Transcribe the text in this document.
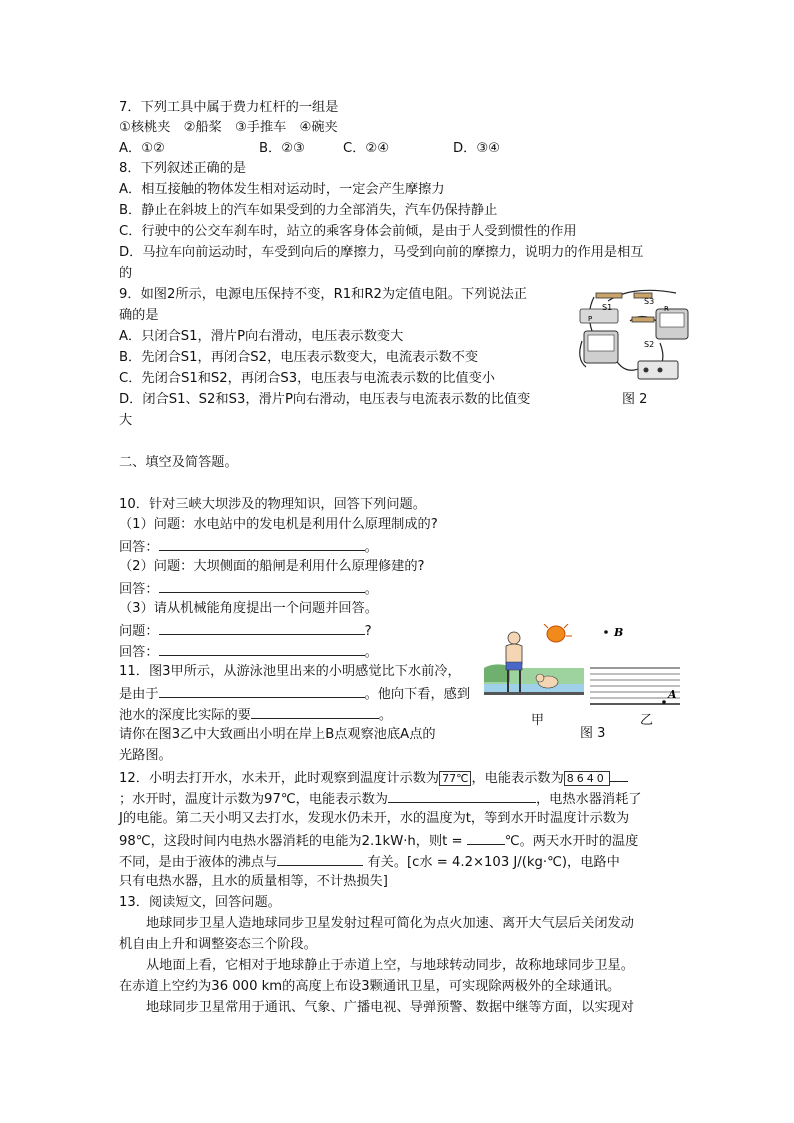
7．下列工具中属于费力杠杆的一组是
①核桃夹　②船桨　③手推车　④碗夹
A．①②	B．②③	C．②④	D．③④
8．下列叙述正确的是
A．相互接触的物体发生相对运动时，一定会产生摩擦力
B．静止在斜坡上的汽车如果受到的力全部消失，汽车仍保持静止
C．行驶中的公交车刹车时，站立的乘客身体会前倾，是由于人受到惯性的作用
D．马拉车向前运动时，车受到向后的摩擦力，马受到向前的摩擦力，说明力的作用是相互
的
9．如图2所示，电源电压保持不变，R1和R2为定值电阻。下列说法正
确的是
A．只闭合S1，滑片P向右滑动，电压表示数变大
B．先闭合S1，再闭合S2，电压表示数变大，电流表示数不变
C．先闭合S1和S2，再闭合S3，电压表与电流表示数的比值变小
D．闭合S1、S2和S3，滑片P向右滑动，电压表与电流表示数的比值变
大
S1
S3
S2
P
R
图 2
二、填空及简答题。
10．针对三峡大坝涉及的物理知识，回答下列问题。
（1）问题：水电站中的发电机是利用什么原理制成的?
回答：	。
（2）问题：大坝侧面的船闸是利用什么原理修建的?
回答：	。
（3）请从机械能角度提出一个问题并回答。
问题：	?
回答：	。
11．图3甲所示，从游泳池里出来的小明感觉比下水前冷，
是由于	。他向下看，感到
池水的深度比实际的要	。
请你在图3乙中大致画出小明在岸上B点观察池底A点的
光路图。
甲
B
A
图 3
乙
12．小明去打开水，水未开，此时观察到温度计示数为 77℃ ，电能表示数为 8640
；水开时，温度计示数为97℃，电能表示数为	，电热水器消耗了
J的电能。第二天小明又去打水，发现水仍未开，水的温度为t，等到水开时温度计示数为
98℃，这段时间内电热水器消耗的电能为2.1kW·h，则t =	℃。两天水开时的温度
不同，是由于液体的沸点与	有关。[c水 = 4.2×103 J/(kg·℃)，电路中
只有电热水器，且水的质量相等，不计热损失]
13．阅读短文，回答问题。
地球同步卫星人造地球同步卫星发射过程可简化为点火加速、离开大气层后关闭发动
机自由上升和调整姿态三个阶段。
从地面上看，它相对于地球静止于赤道上空，与地球转动同步，故称地球同步卫星。
在赤道上空约为36 000 km的高度上布设3颗通讯卫星，可实现除两极外的全球通讯。
地球同步卫星常用于通讯、气象、广播电视、导弹预警、数据中继等方面，以实现对
